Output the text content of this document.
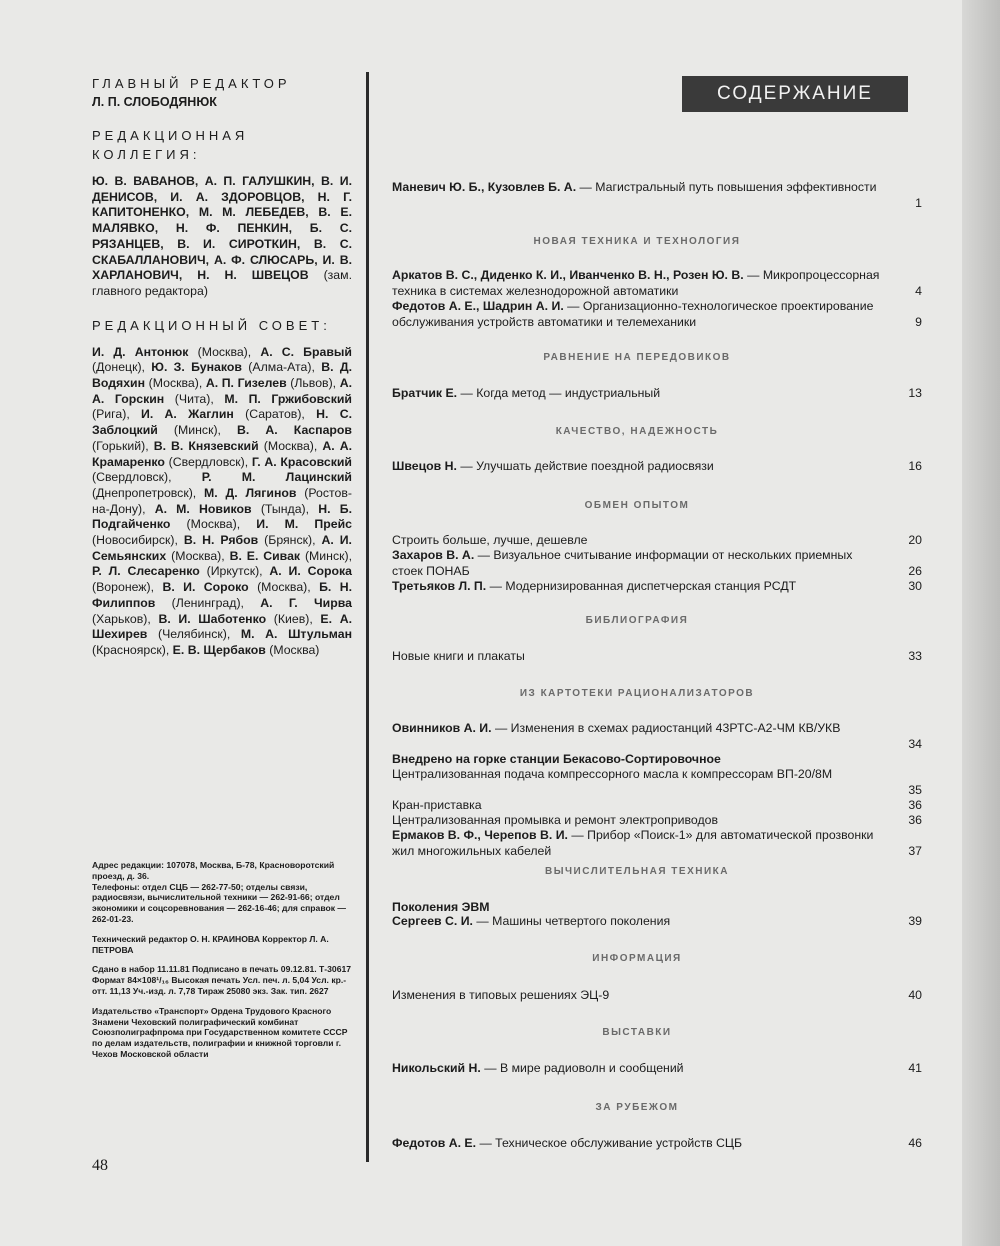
ГЛАВНЫЙ РЕДАКТОР

Л. П. СЛОБОДЯНЮК

РЕДАКЦИОННАЯ

КОЛЛЕГИЯ:

Ю. В. ВАВАНОВ, А. П. ГАЛУШКИН, В. И. ДЕНИСОВ, И. А. ЗДОРОВЦОВ, Н. Г. КАПИТОНЕНКО, М. М. ЛЕБЕДЕВ, В. Е. МАЛЯВКО, Н. Ф. ПЕНКИН, Б. С. РЯЗАНЦЕВ, В. И. СИРОТКИН, В. С. СКАБАЛЛАНОВИЧ, А. Ф. СЛЮСАРЬ, И. В. ХАРЛАНОВИЧ, Н. Н. ШВЕЦОВ (зам. главного редактора)

РЕДАКЦИОННЫЙ СОВЕТ:

И. Д. Антонюк (Москва), А. С. Бравый (Донецк), Ю. З. Бунаков (Алма-Ата), В. Д. Водяхин (Москва), А. П. Гизелев (Львов), А. А. Горскин (Чита), М. П. Гржибовский (Рига), И. А. Жаглин (Саратов), Н. С. Заблоцкий (Минск), В. А. Каспаров (Горький), В. В. Князевский (Москва), А. А. Крамаренко (Свердловск), Г. А. Красовский (Свердловск), Р. М. Лацинский (Днепропетровск), М. Д. Лягинов (Ростов-на-Дону), А. М. Новиков (Тында), Н. Б. Подгайченко (Москва), И. М. Прейс (Новосибирск), В. Н. Рябов (Брянск), А. И. Семьянских (Москва), В. Е. Сивак (Минск), Р. Л. Слесаренко (Иркутск), А. И. Сорока (Воронеж), В. И. Сороко (Москва), Б. Н. Филиппов (Ленинград), А. Г. Чирва (Харьков), В. И. Шаботенко (Киев), Е. А. Шехирев (Челябинск), М. А. Штульман (Красноярск), Е. В. Щербаков (Москва)

Адрес редакции: 107078, Москва, Б-78, Красноворотский проезд, д. 36.

Телефоны: отдел СЦБ — 262-77-50; отделы связи, радиосвязи, вычислительной техники — 262-91-66; отдел экономики и соцсоревнования — 262-16-46; для справок — 262-01-23.

Технический редактор О. Н. КРАИНОВА Корректор Л. А. ПЕТРОВА

Сдано в набор 11.11.81 Подписано в печать 09.12.81. Т-30617 Формат 84×108¹/₁₆ Высокая печать Усл. печ. л. 5,04 Усл. кр.-отт. 11,13 Уч.-изд. л. 7,78 Тираж 25080 экз. Зак. тип. 2627

Издательство «Транспорт» Ордена Трудового Красного Знамени Чеховский полиграфический комбинат Союзполиграфпрома при Государственном комитете СССР по делам издательств, полиграфии и книжной торговли г. Чехов Московской области

48
СОДЕРЖАНИЕ
Маневич Ю. Б., Кузовлев Б. А. — Магистральный путь повышения эффективности
1
НОВАЯ ТЕХНИКА И ТЕХНОЛОГИЯ
Аркатов В. С., Диденко К. И., Иванченко В. Н., Розен Ю. В. — Микропроцессорная техника в системах железнодорожной автоматики	4
Федотов А. Е., Шадрин А. И. — Организационно-технологическое проектирование обслуживания устройств автоматики и телемеханики	9
РАВНЕНИЕ НА ПЕРЕДОВИКОВ
Братчик Е. — Когда метод — индустриальный	13
КАЧЕСТВО, НАДЕЖНОСТЬ
Швецов Н. — Улучшать действие поездной радиосвязи	16
ОБМЕН ОПЫТОМ
Строить больше, лучше, дешевле	20
Захаров В. А. — Визуальное считывание информации от нескольких приемных стоек ПОНАБ	26
Третьяков Л. П. — Модернизированная диспетчерская станция РСДТ	30
БИБЛИОГРАФИЯ
Новые книги и плакаты	33
ИЗ КАРТОТЕКИ РАЦИОНАЛИЗАТОРОВ
Овинников А. И. — Изменения в схемах радиостанций 43РТС-А2-ЧМ КВ/УКВ
34
Внедрено на горке станции Бекасово-Сортировочное
Централизованная подача компрессорного масла к компрессорам ВП-20/8М
35
Кран-приставка	36
Централизованная промывка и ремонт электроприводов	36
Ермаков В. Ф., Черепов В. И. — Прибор «Поиск-1» для автоматической прозвонки жил многожильных кабелей	37
ВЫЧИСЛИТЕЛЬНАЯ ТЕХНИКА
Поколения ЭВМ
Сергеев С. И. — Машины четвертого поколения	39
ИНФОРМАЦИЯ
Изменения в типовых решениях ЭЦ-9	40
ВЫСТАВКИ
Никольский Н. — В мире радиоволн и сообщений	41
ЗА РУБЕЖОМ
Федотов А. Е. — Техническое обслуживание устройств СЦБ	46
